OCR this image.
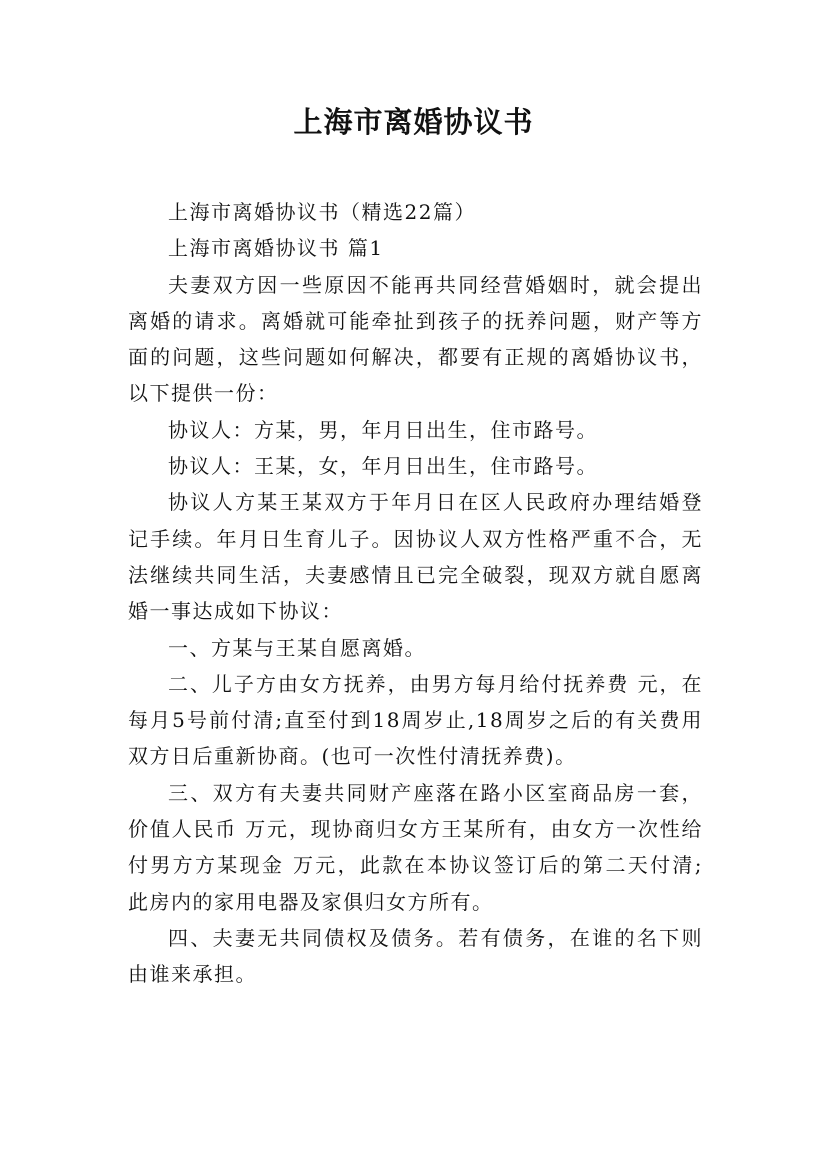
上海市离婚协议书

上海市离婚协议书（精选22篇）

上海市离婚协议书 篇1

夫妻双方因一些原因不能再共同经营婚姻时，就会提出离婚的请求。离婚就可能牵扯到孩子的抚养问题，财产等方面的问题，这些问题如何解决，都要有正规的离婚协议书，以下提供一份：

协议人：方某，男，年月日出生，住市路号。

协议人：王某，女，年月日出生，住市路号。

协议人方某王某双方于年月日在区人民政府办理结婚登记手续。年月日生育儿子。因协议人双方性格严重不合，无法继续共同生活，夫妻感情且已完全破裂，现双方就自愿离婚一事达成如下协议：

一、方某与王某自愿离婚。

二、儿子方由女方抚养，由男方每月给付抚养费 元，在每月5号前付清;直至付到18周岁止,18周岁之后的有关费用双方日后重新协商。(也可一次性付清抚养费)。

三、双方有夫妻共同财产座落在路小区室商品房一套，价值人民币 万元，现协商归女方王某所有，由女方一次性给付男方方某现金 万元，此款在本协议签订后的第二天付清;此房内的家用电器及家俱归女方所有。

四、夫妻无共同债权及债务。若有债务，在谁的名下则由谁来承担。
